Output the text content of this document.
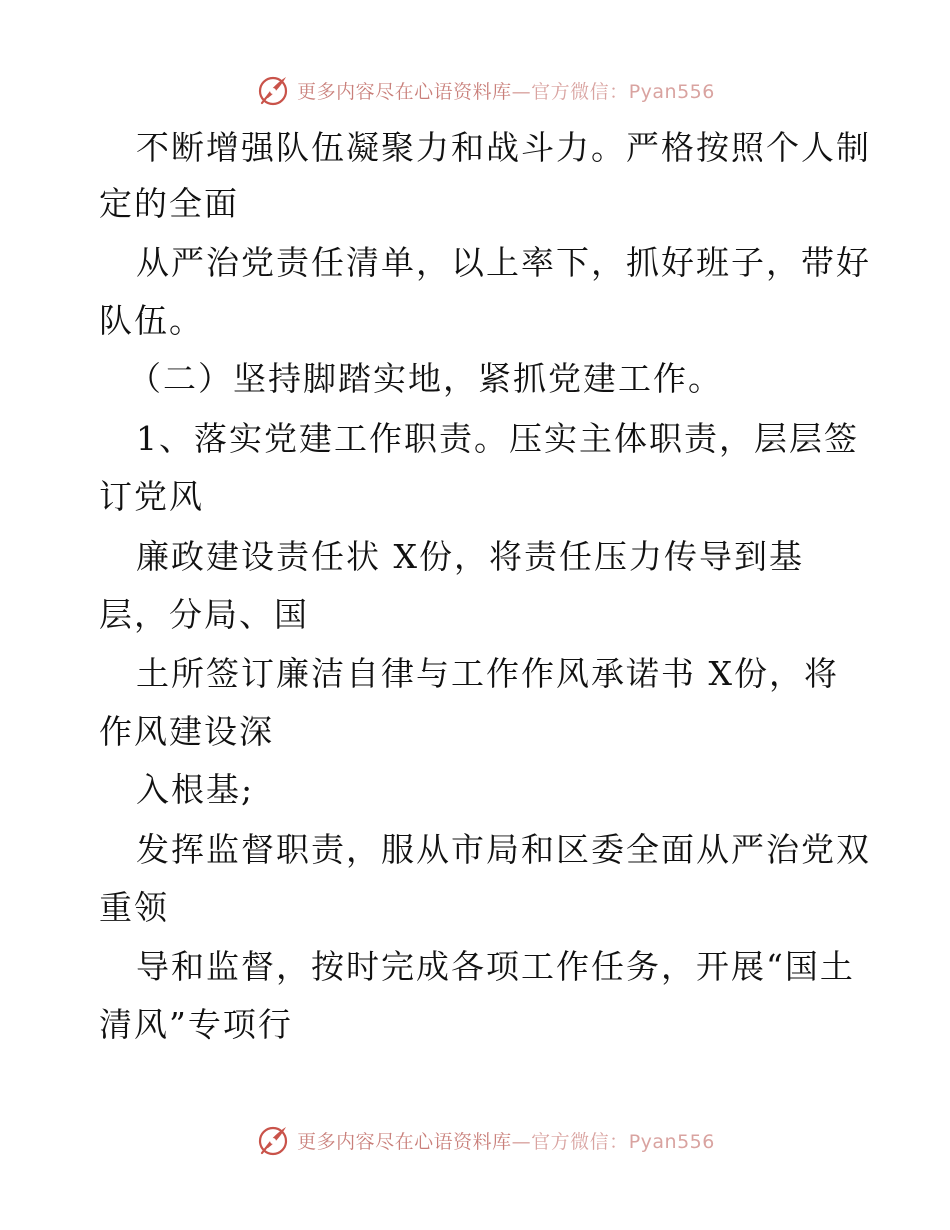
更多内容尽在心语资料库—官方微信：Pyan556
不断增强队伍凝聚力和战斗力。严格按照个人制
定的全面
从严治党责任清单，以上率下，抓好班子，带好
队伍。
（二）坚持脚踏实地，紧抓党建工作。
1、落实党建工作职责。压实主体职责，层层签
订党风
廉政建设责任状 X份，将责任压力传导到基
层，分局、国
土所签订廉洁自律与工作作风承诺书 X份，将
作风建设深
入根基;
发挥监督职责，服从市局和区委全面从严治党双
重领
导和监督，按时完成各项工作任务，开展“国土
清风”专项行
更多内容尽在心语资料库—官方微信：Pyan556
